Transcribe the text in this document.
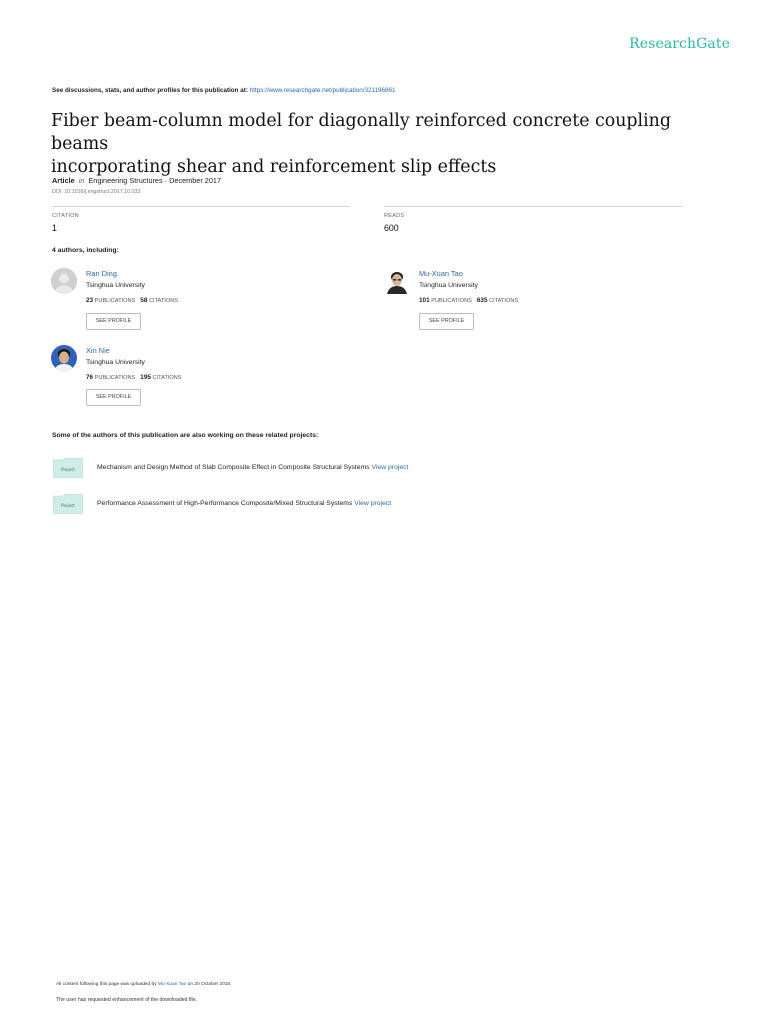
ResearchGate
See discussions, stats, and author profiles for this publication at: https://www.researchgate.net/publication/321196861
Fiber beam-column model for diagonally reinforced concrete coupling beams
incorporating shear and reinforcement slip effects
Article in Engineering Structures · December 2017
DOI: 10.1016/j.engstruct.2017.10.033
CITATION
1
READS
600
4 authors, including:
Ran Ding
Tsinghua University
23 PUBLICATIONS 58 CITATIONS
SEE PROFILE
Mu-Xuan Tao
Tsinghua University
101 PUBLICATIONS 635 CITATIONS
SEE PROFILE
Xin Nie
Tsinghua University
76 PUBLICATIONS 195 CITATIONS
SEE PROFILE
Some of the authors of this publication are also working on these related projects:
Project	Mechanism and Design Method of Slab Composite Effect in Composite Structural Systems View project
Project	Performance Assessment of High-Performance Composite/Mixed Structural Systems View project
All content following this page was uploaded by Mu-Xuan Tao on 20 October 2018.
The user has requested enhancement of the downloaded file.
